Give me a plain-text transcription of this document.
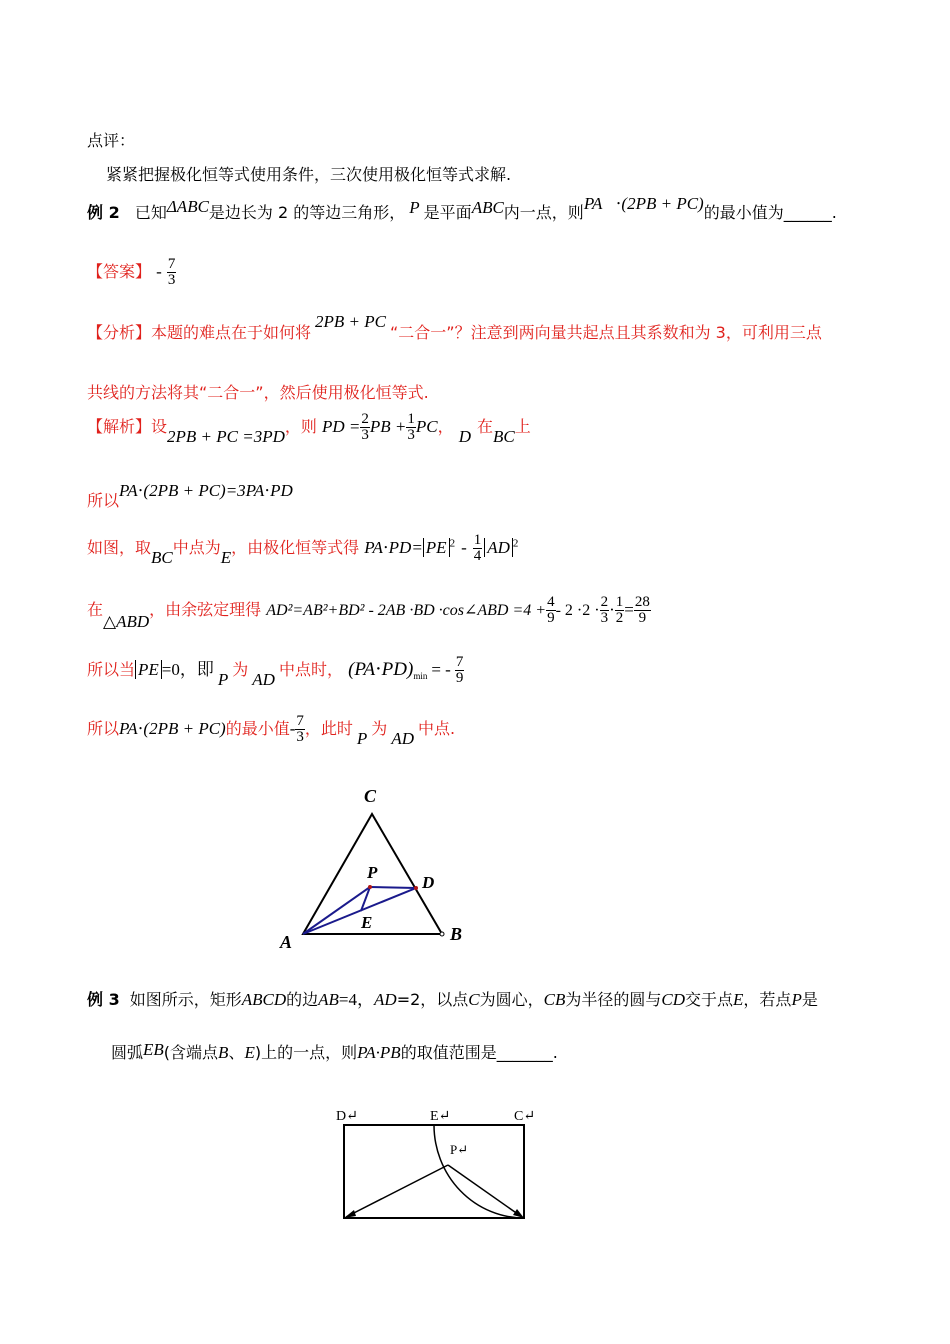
点评：
紧紧把握极化恒等式使用条件，三次使用极化恒等式求解.
例 2 已知ΔABC是边长为 2 的等边三角形， P 是平面ABC内一点，则PA⃗⋅(2PB + PC)的最小值为______.
【答案】 - $\frac{7}{3}$
【分析】本题的难点在于如何将2PB + PC“二合一”？注意到两向量共起点且其系数和为 3，可利用三点
共线的方法将其“二合一”，然后使用极化恒等式.
【解析】设2PB + PC =3PD，则 PD = $\frac{2}{3}$ PB + $\frac{1}{3}$ PC， D在BC上
所以PA⋅(2PB + PC)=3PA⋅PD
如图，取BC中点为E，由极化恒等式得 PA⋅PD= PE $^2 - \frac{1}{4}$ AD $^2$
在△ABD，由余弦定理得 AD²=AB²+BD² - 2AB ·BD ·cos∠ABD $=4 + \frac{4}{9} - 2 \cdot 2 \cdot \frac{2}{3} \cdot \frac{1}{2} = \frac{28}{9}$
所以当 PE =0，即P为AD中点时， $(PA\cdot PD)_{min}$ = - $\frac{7}{9}$
所以PA⋅(2PB + PC)的最小值- $\frac{7}{3}$ ，此时P为AD中点.
C
P
D
E
A	B
例 3 如图所示，矩形ABCD的边AB=4，AD=2，以点C为圆心，CB为半径的圆与CD交于点E，若点P是
圆弧EB(含端点B、E)上的一点，则PA·PB的取值范围是_______.
D↵	E↵	C↵
P↵
